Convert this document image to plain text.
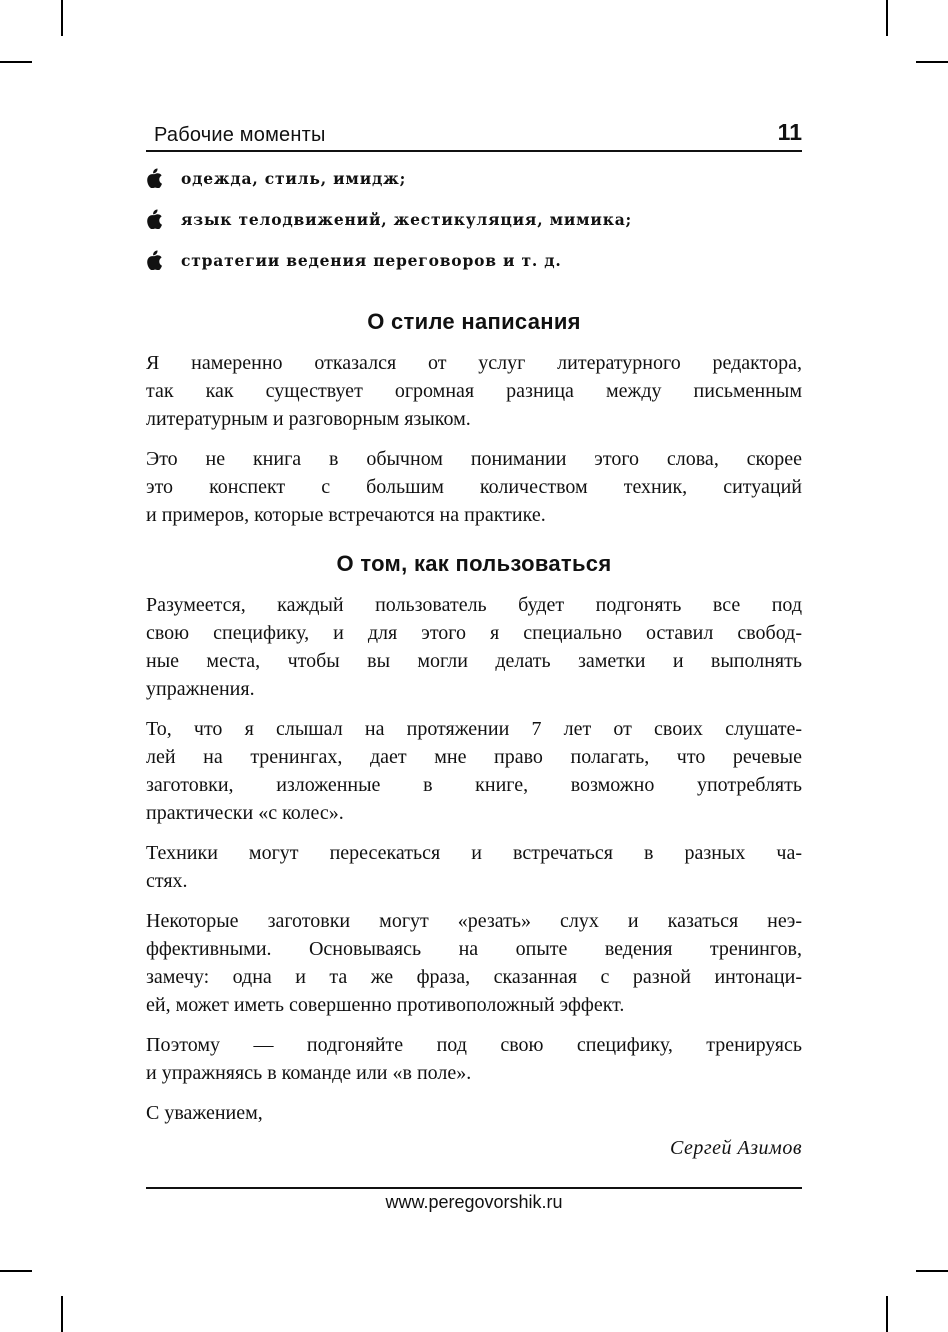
Рабочие моменты	11
одежда, стиль, имидж;
язык телодвижений, жестикуляция, мимика;
стратегии ведения переговоров и т. д.
О стиле написания

Я намеренно отказался от услуг литературного редактора,
так как существует огромная разница между письменным
литературным и разговорным языком.

Это не книга в обычном понимании этого слова, скорее
это конспект с большим количеством техник, ситуаций
и примеров, которые встречаются на практике.

О том, как пользоваться

Разумеется, каждый пользователь будет подгонять все под
свою специфику, и для этого я специально оставил свобод-
ные места, чтобы вы могли делать заметки и выполнять
упражнения.

То, что я слышал на протяжении 7 лет от своих слушате-
лей на тренингах, дает мне право полагать, что речевые
заготовки, изложенные в книге, возможно употреблять
практически «с колес».

Техники могут пересекаться и встречаться в разных ча-
стях.

Некоторые заготовки могут «резать» слух и казаться неэ-
ффективными. Основываясь на опыте ведения тренингов,
замечу: одна и та же фраза, сказанная с разной интонаци-
ей, может иметь совершенно противоположный эффект.

Поэтому — подгоняйте под свою специфику, тренируясь
и упражняясь в команде или «в поле».

С уважением,

Сергей Азимов
www.peregovorshik.ru
